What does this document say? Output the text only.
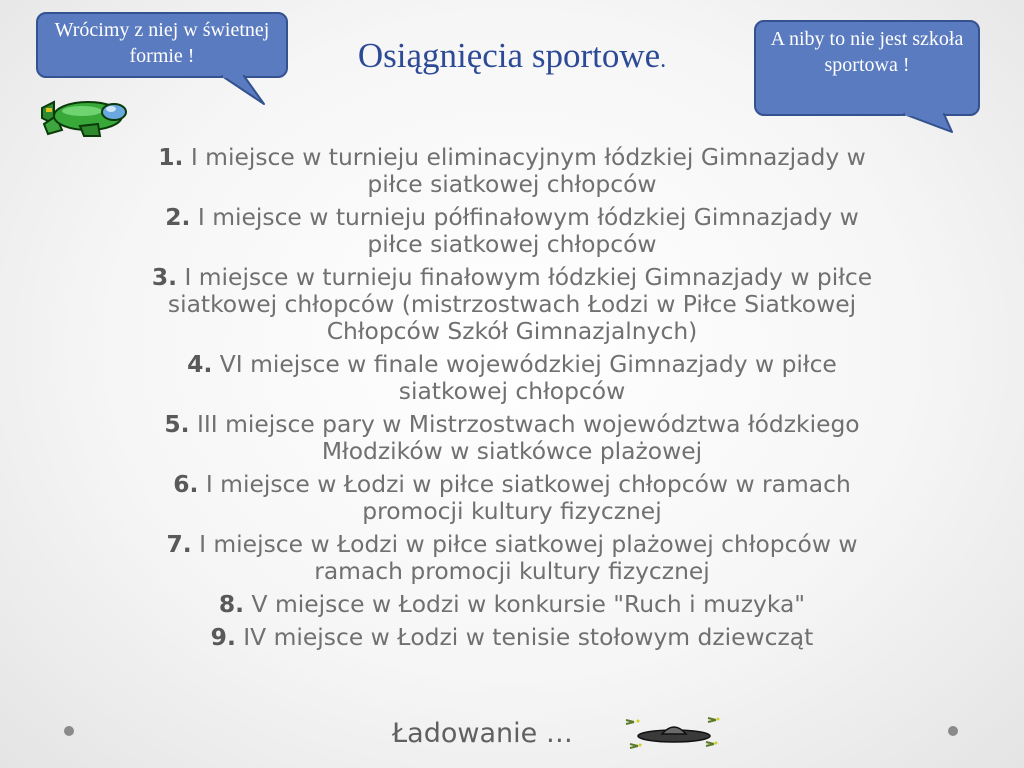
Wrócimy z niej w świetnej formie !
A niby to nie jest szkoła sportowa !
Osiągnięcia sportowe.
1. I miejsce w turnieju eliminacyjnym łódzkiej Gimnazjady w piłce siatkowej chłopców
2. I miejsce w turnieju półfinałowym łódzkiej Gimnazjady w piłce siatkowej chłopców
3. I miejsce w turnieju finałowym łódzkiej Gimnazjady w piłce siatkowej chłopców (mistrzostwach Łodzi w Piłce Siatkowej Chłopców Szkół Gimnazjalnych)
4. VI miejsce w finale wojewódzkiej Gimnazjady w piłce siatkowej chłopców
5. III miejsce pary w Mistrzostwach województwa łódzkiego Młodzików w siatkówce plażowej
6. I miejsce w Łodzi w piłce siatkowej chłopców w ramach promocji kultury fizycznej
7. I miejsce w Łodzi w piłce siatkowej plażowej chłopców w ramach promocji kultury fizycznej
8. V miejsce w Łodzi w konkursie "Ruch i muzyka"
9. IV miejsce w Łodzi w tenisie stołowym dziewcząt
Ładowanie …
